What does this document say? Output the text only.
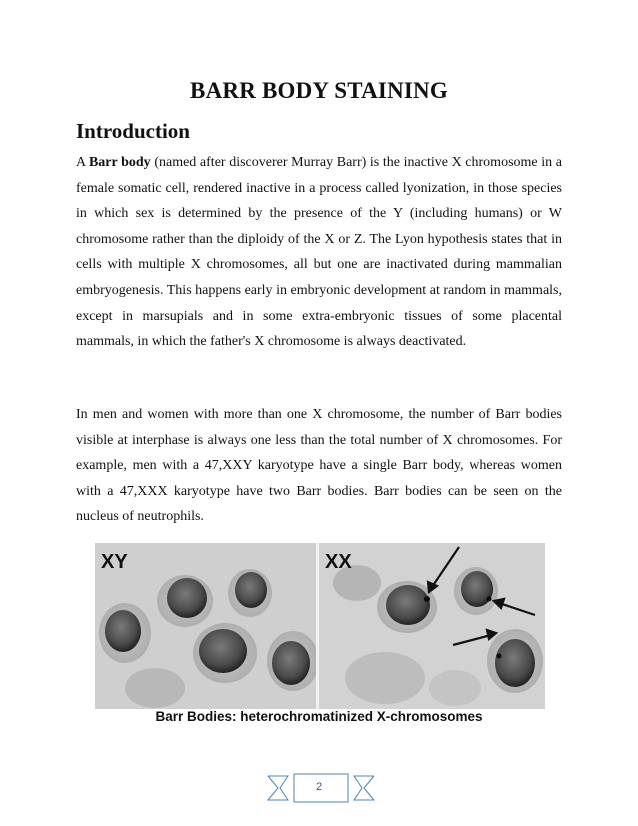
BARR BODY STAINING
Introduction
A Barr body (named after discoverer Murray Barr) is the inactive X chromosome in a female somatic cell, rendered inactive in a process called lyonization, in those species in which sex is determined by the presence of the Y (including humans) or W chromosome rather than the diploidy of the X or Z. The Lyon hypothesis states that in cells with multiple X chromosomes, all but one are inactivated during mammalian embryogenesis. This happens early in embryonic development at random in mammals, except in marsupials and in some extra-embryonic tissues of some placental mammals, in which the father's X chromosome is always deactivated.
In men and women with more than one X chromosome, the number of Barr bodies visible at interphase is always one less than the total number of X chromosomes. For example, men with a 47,XXY karyotype have a single Barr body, whereas women with a 47,XXX karyotype have two Barr bodies. Barr bodies can be seen on the nucleus of neutrophils.
XY	XX
Barr Bodies: heterochromatinized X-chromosomes
2
